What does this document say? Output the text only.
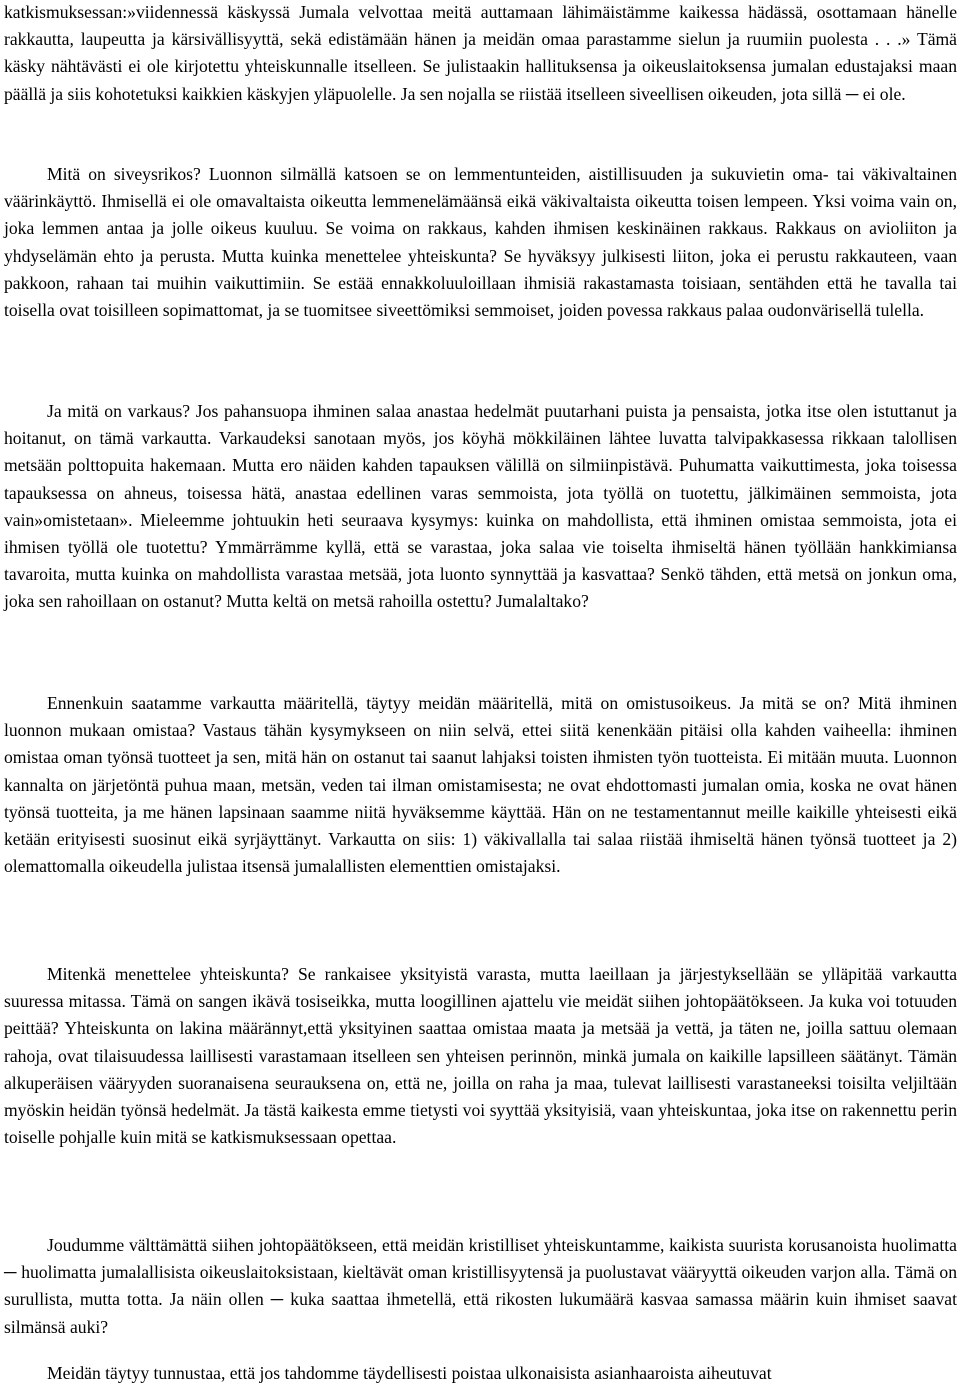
katkismuksessan:»viidennessä käskyssä Jumala velvottaa meitä auttamaan lähimäistämme kaikessa hädässä, osottamaan hänelle rakkautta, laupeutta ja kärsivällisyyttä, sekä edistämään hänen ja meidän omaa parastamme sielun ja ruumiin puolesta . . .» Tämä käsky nähtävästi ei ole kirjotettu yhteiskunnalle itselleen. Se julistaakin hallituksensa ja oikeuslaitoksensa jumalan edustajaksi maan päällä ja siis kohotetuksi kaikkien käskyjen yläpuolelle. Ja sen nojalla se riistää itselleen siveellisen oikeuden, jota sillä ─ ei ole.

Mitä on siveysrikos? Luonnon silmällä katsoen se on lemmentunteiden, aistillisuuden ja sukuvietin oma- tai väkivaltainen väärinkäyttö. Ihmisellä ei ole omavaltaista oikeutta lemmenelämäänsä eikä väkivaltaista oikeutta toisen lempeen. Yksi voima vain on, joka lemmen antaa ja jolle oikeus kuuluu. Se voima on rakkaus, kahden ihmisen keskinäinen rakkaus. Rakkaus on avioliiton ja yhdyselämän ehto ja perusta. Mutta kuinka menettelee yhteiskunta? Se hyväksyy julkisesti liiton, joka ei perustu rakkauteen, vaan pakkoon, rahaan tai muihin vaikuttimiin. Se estää ennakkoluuloillaan ihmisiä rakastamasta toisiaan, sentähden että he tavalla tai toisella ovat toisilleen sopimattomat, ja se tuomitsee siveettömiksi semmoiset, joiden povessa rakkaus palaa oudonvärisellä tulella.

Ja mitä on varkaus? Jos pahansuopa ihminen salaa anastaa hedelmät puutarhani puista ja pensaista, jotka itse olen istuttanut ja hoitanut, on tämä varkautta. Varkaudeksi sanotaan myös, jos köyhä mökkiläinen lähtee luvatta talvipakkasessa rikkaan talollisen metsään polttopuita hakemaan. Mutta ero näiden kahden tapauksen välillä on silmiinpistävä. Puhumatta vaikuttimesta, joka toisessa tapauksessa on ahneus, toisessa hätä, anastaa edellinen varas semmoista, jota työllä on tuotettu, jälkimäinen semmoista, jota vain»omistetaan». Mieleemme johtuukin heti seuraava kysymys: kuinka on mahdollista, että ihminen omistaa semmoista, jota ei ihmisen työllä ole tuotettu? Ymmärrämme kyllä, että se varastaa, joka salaa vie toiselta ihmiseltä hänen työllään hankkimiansa tavaroita, mutta kuinka on mahdollista varastaa metsää, jota luonto synnyttää ja kasvattaa? Senkö tähden, että metsä on jonkun oma, joka sen rahoillaan on ostanut? Mutta keltä on metsä rahoilla ostettu? Jumalaltako?

Ennenkuin saatamme varkautta määritellä, täytyy meidän määritellä, mitä on omistusoikeus. Ja mitä se on? Mitä ihminen luonnon mukaan omistaa? Vastaus tähän kysymykseen on niin selvä, ettei siitä kenenkään pitäisi olla kahden vaiheella: ihminen omistaa oman työnsä tuotteet ja sen, mitä hän on ostanut tai saanut lahjaksi toisten ihmisten työn tuotteista. Ei mitään muuta. Luonnon kannalta on järjetöntä puhua maan, metsän, veden tai ilman omistamisesta; ne ovat ehdottomasti jumalan omia, koska ne ovat hänen työnsä tuotteita, ja me hänen lapsinaan saamme niitä hyväksemme käyttää. Hän on ne testamentannut meille kaikille yhteisesti eikä ketään erityisesti suosinut eikä syrjäyttänyt. Varkautta on siis: 1) väkivallalla tai salaa riistää ihmiseltä hänen työnsä tuotteet ja 2) olemattomalla oikeudella julistaa itsensä jumalallisten elementtien omistajaksi.

Mitenkä menettelee yhteiskunta? Se rankaisee yksityistä varasta, mutta laeillaan ja järjestyksellään se ylläpitää varkautta suuressa mitassa. Tämä on sangen ikävä tosiseikka, mutta loogillinen ajattelu vie meidät siihen johtopäätökseen. Ja kuka voi totuuden peittää? Yhteiskunta on lakina määrännyt,että yksityinen saattaa omistaa maata ja metsää ja vettä, ja täten ne, joilla sattuu olemaan rahoja, ovat tilaisuudessa laillisesti varastamaan itselleen sen yhteisen perinnön, minkä jumala on kaikille lapsilleen säätänyt. Tämän alkuperäisen vääryyden suoranaisena seurauksena on, että ne, joilla on raha ja maa, tulevat laillisesti varastaneeksi toisilta veljiltään myöskin heidän työnsä hedelmät. Ja tästä kaikesta emme tietysti voi syyttää yksityisiä, vaan yhteiskuntaa, joka itse on rakennettu perin toiselle pohjalle kuin mitä se katkismuksessaan opettaa.

Joudumme välttämättä siihen johtopäätökseen, että meidän kristilliset yhteiskuntamme, kaikista suurista korusanoista huolimatta ─ huolimatta jumalallisista oikeuslaitoksistaan, kieltävät oman kristillisyytensä ja puolustavat vääryyttä oikeuden varjon alla. Tämä on surullista, mutta totta. Ja näin ollen ─ kuka saattaa ihmetellä, että rikosten lukumäärä kasvaa samassa määrin kuin ihmiset saavat silmänsä auki?

Meidän täytyy tunnustaa, että jos tahdomme täydellisesti poistaa ulkonaisista asianhaaroista aiheutuvat
